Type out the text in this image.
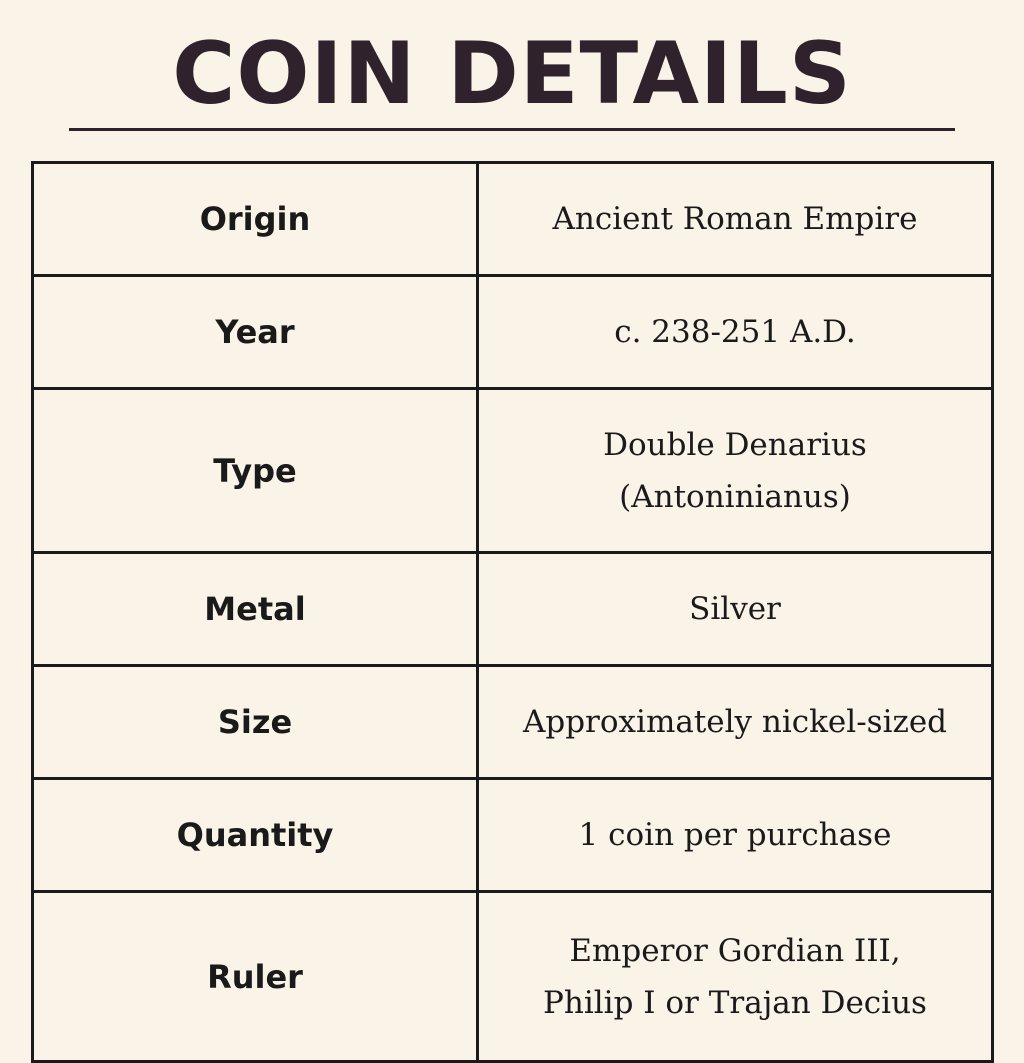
COIN DETAILS
Origin	Ancient Roman Empire

Year	c. 238-251 A.D.

Type	Double Denarius
(Antoninianus)

Metal	Silver

Size	Approximately nickel-sized

Quantity	1 coin per purchase

Ruler	Emperor Gordian III,
Philip I or Trajan Decius
